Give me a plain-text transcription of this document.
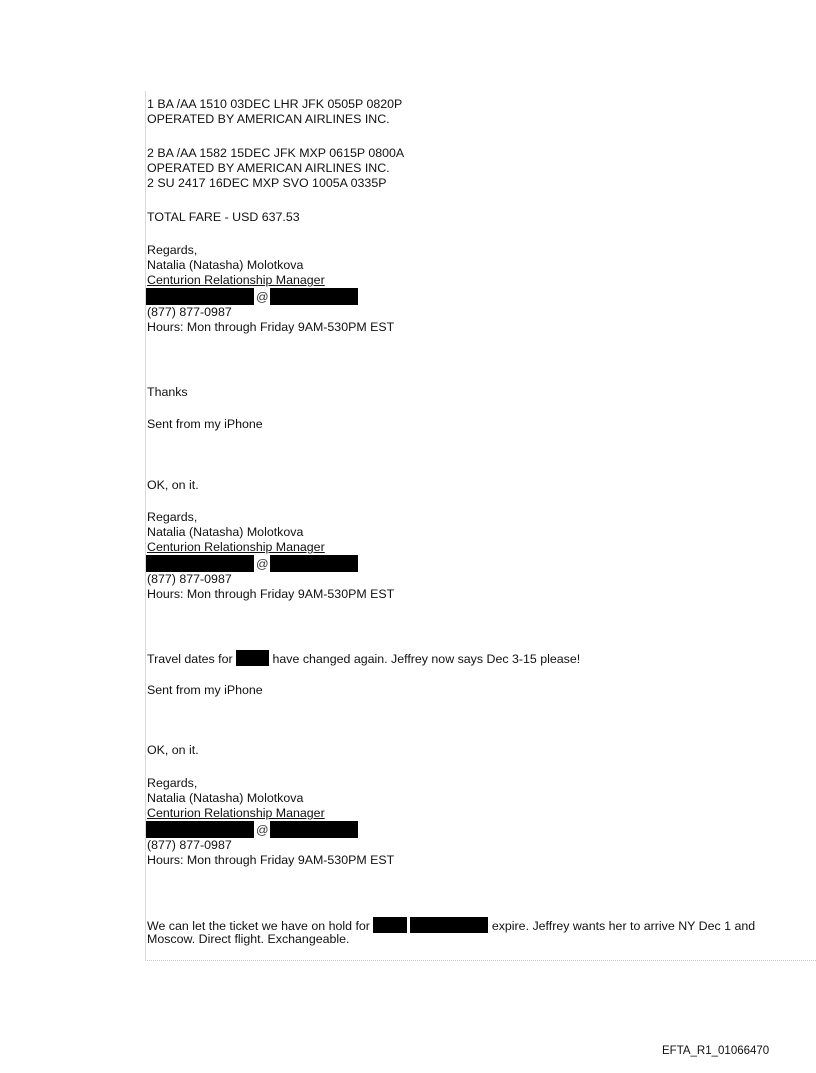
1 BA /AA 1510 03DEC LHR JFK 0505P 0820P
OPERATED BY AMERICAN AIRLINES INC.
2 BA /AA 1582 15DEC JFK MXP 0615P 0800A
OPERATED BY AMERICAN AIRLINES INC.
2 SU 2417 16DEC MXP SVO 1005A 0335P
TOTAL FARE - USD 637.53
Regards,
Natalia (Natasha) Molotkova
Centurion Relationship Manager
@
(877) 877-0987
Hours: Mon through Friday 9AM-530PM EST
Thanks
Sent from my iPhone
OK, on it.
Regards,
Natalia (Natasha) Molotkova
Centurion Relationship Manager
@
(877) 877-0987
Hours: Mon through Friday 9AM-530PM EST
Travel dates for	have changed again. Jeffrey now says Dec 3-15 please!
Sent from my iPhone
OK, on it.
Regards,
Natalia (Natasha) Molotkova
Centurion Relationship Manager
@
(877) 877-0987
Hours: Mon through Friday 9AM-530PM EST
We can let the ticket we have on hold for	expire. Jeffrey wants her to arrive NY Dec 1 and
Moscow. Direct flight. Exchangeable.
EFTA_R1_01066470
